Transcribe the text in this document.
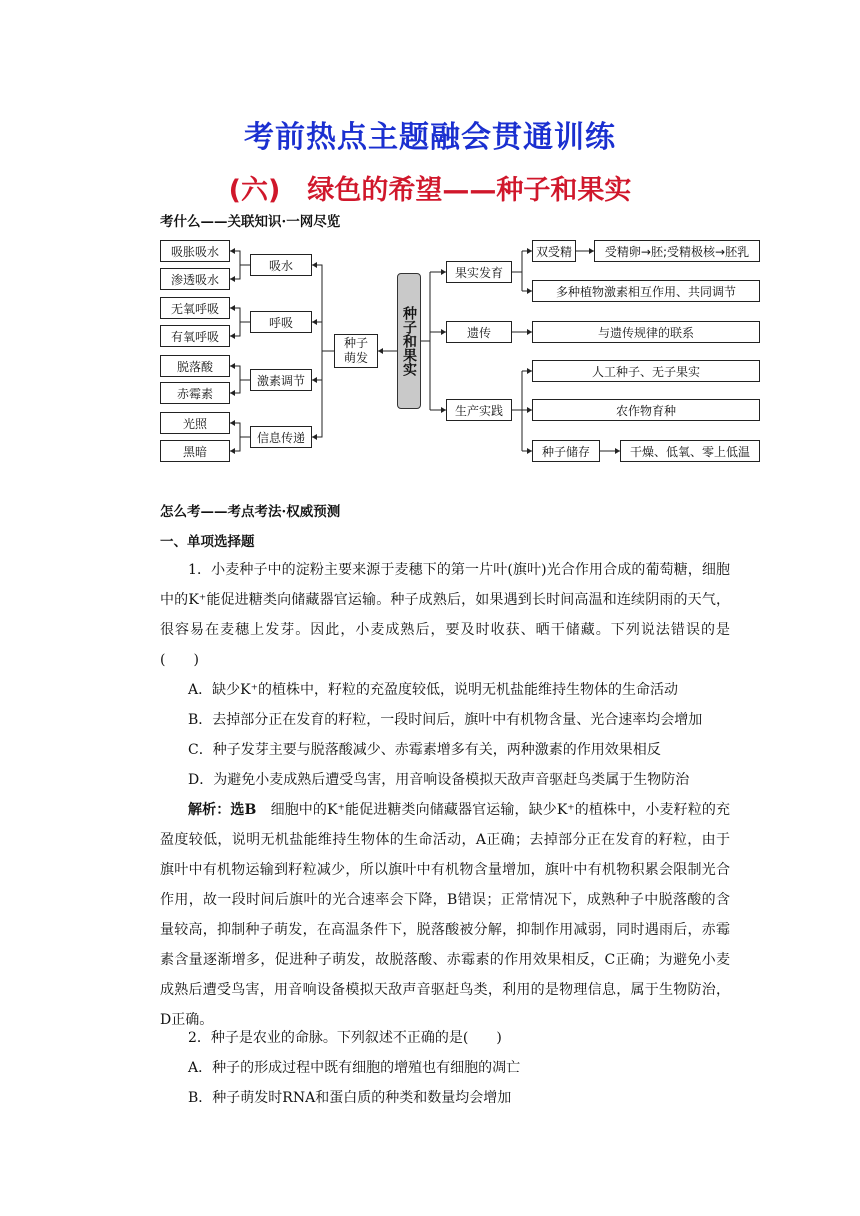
考前热点主题融会贯通训练
(六)　绿色的希望——种子和果实
考什么——关联知识·一网尽览
吸胀吸水
渗透吸水
无氧呼吸
有氧呼吸
脱落酸
赤霉素
光照
黑暗
吸水
呼吸
激素调节
信息传递
种子萌发	种子和果实
果实发育
遗传
生产实践
双受精	受精卵→胚;受精极核→胚乳
多种植物激素相互作用、共同调节
与遗传规律的联系
人工种子、无子果实
农作物育种
种子储存	干燥、低氧、零上低温
怎么考——考点考法·权威预测
一、单项选择题

1．小麦种子中的淀粉主要来源于麦穗下的第一片叶(旗叶)光合作用合成的葡萄糖，细胞中的K⁺能促进糖类向储藏器官运输。种子成熟后，如果遇到长时间高温和连续阴雨的天气，很容易在麦穗上发芽。因此，小麦成熟后，要及时收获、晒干储藏。下列说法错误的是(　　)

A．缺少K⁺的植株中，籽粒的充盈度较低，说明无机盐能维持生物体的生命活动

B．去掉部分正在发育的籽粒，一段时间后，旗叶中有机物含量、光合速率均会增加

C．种子发芽主要与脱落酸减少、赤霉素增多有关，两种激素的作用效果相反

D．为避免小麦成熟后遭受鸟害，用音响设备模拟天敌声音驱赶鸟类属于生物防治

解析：选B　细胞中的K⁺能促进糖类向储藏器官运输，缺少K⁺的植株中，小麦籽粒的充盈度较低，说明无机盐能维持生物体的生命活动，A正确；去掉部分正在发育的籽粒，由于旗叶中有机物运输到籽粒减少，所以旗叶中有机物含量增加，旗叶中有机物积累会限制光合作用，故一段时间后旗叶的光合速率会下降，B错误；正常情况下，成熟种子中脱落酸的含量较高，抑制种子萌发，在高温条件下，脱落酸被分解，抑制作用减弱，同时遇雨后，赤霉素含量逐渐增多，促进种子萌发，故脱落酸、赤霉素的作用效果相反，C正确；为避免小麦成熟后遭受鸟害，用音响设备模拟天敌声音驱赶鸟类，利用的是物理信息，属于生物防治，D正确。

2．种子是农业的命脉。下列叙述不正确的是(　　)

A．种子的形成过程中既有细胞的增殖也有细胞的凋亡

B．种子萌发时RNA和蛋白质的种类和数量均会增加
